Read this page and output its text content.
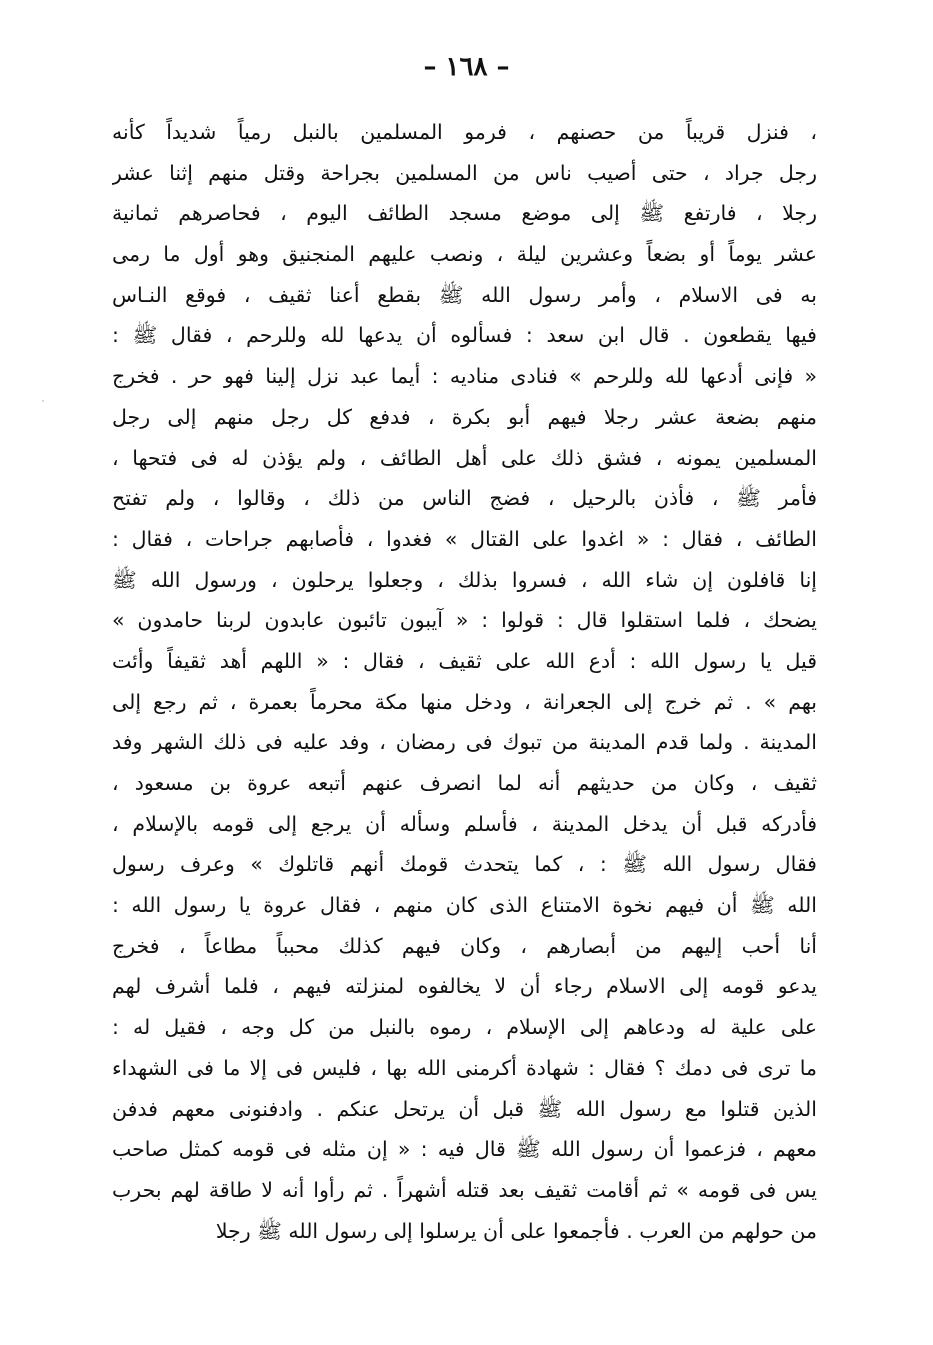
– ١٦٨ –
، فنزل قريباً من حصنهم ، فرمو المسلمين بالنبل رمياً شديداً كأنه
رجل جراد ، حتى أصيب ناس من المسلمين بجراحة وقتل منهم إثنا عشر
رجلا ، فارتفع ﷺ إلى موضع مسجد الطائف اليوم ، فحاصرهم ثمانية
عشر يوماً أو بضعاً وعشرين ليلة ، ونصب عليهم المنجنيق وهو أول ما رمى
به فى الاسلام ، وأمر رسول الله ﷺ بقطع أعنا ثقيف ، فوقع النـاس
فيها يقطعون . قال ابن سعد : فسألوه أن يدعها لله وللرحم ، فقال ﷺ :
« فإنى أدعها لله وللرحم » فنادى مناديه : أيما عبد نزل إلينا فهو حر . فخرج
منهم بضعة عشر رجلا فيهم أبو بكرة ، فدفع كل رجل منهم إلى رجل
المسلمين يمونه ، فشق ذلك على أهل الطائف ، ولم يؤذن له فى فتحها ،
فأمر ﷺ ، فأذن بالرحيل ، فضج الناس من ذلك ، وقالوا ، ولم تفتح
الطائف ، فقال : « اغدوا على القتال » فغدوا ، فأصابهم جراحات ، فقال :
إنا قافلون إن شاء الله ، فسروا بذلك ، وجعلوا يرحلون ، ورسول الله ﷺ
يضحك ، فلما استقلوا قال : قولوا : « آيبون تائبون عابدون لربنا حامدون »
قيل يا رسول الله : أدع الله على ثقيف ، فقال : « اللهم أهد ثقيفاً وأئت
بهم » . ثم خرج إلى الجعرانة ، ودخل منها مكة محرماً بعمرة ، ثم رجع إلى
المدينة . ولما قدم المدينة من تبوك فى رمضان ، وفد عليه فى ذلك الشهر وفد
ثقيف ، وكان من حديثهم أنه لما انصرف عنهم أتبعه عروة بن مسعود ،
فأدركه قبل أن يدخل المدينة ، فأسلم وسأله أن يرجع إلى قومه بالإسلام ،
فقال رسول الله ﷺ : ، كما يتحدث قومك أنهم قاتلوك » وعرف رسول
الله ﷺ أن فيهم نخوة الامتناع الذى كان منهم ، فقال عروة يا رسول الله :
أنا أحب إليهم من أبصارهم ، وكان فيهم كذلك محبباً مطاعاً ، فخرج
يدعو قومه إلى الاسلام رجاء أن لا يخالفوه لمنزلته فيهم ، فلما أشرف لهم
على علية له ودعاهم إلى الإسلام ، رموه بالنبل من كل وجه ، فقيل له :
ما ترى فى دمك ؟ فقال : شهادة أكرمنى الله بها ، فليس فى إلا ما فى الشهداء
الذين قتلوا مع رسول الله ﷺ قبل أن يرتحل عنكم . وادفنونى معهم فدفن
معهم ، فزعموا أن رسول الله ﷺ قال فيه : « إن مثله فى قومه كمثل صاحب
يس فى قومه » ثم أقامت ثقيف بعد قتله أشهراً . ثم رأوا أنه لا طاقة لهم بحرب
من حولهم من العرب . فأجمعوا على أن يرسلوا إلى رسول الله ﷺ رجلا
